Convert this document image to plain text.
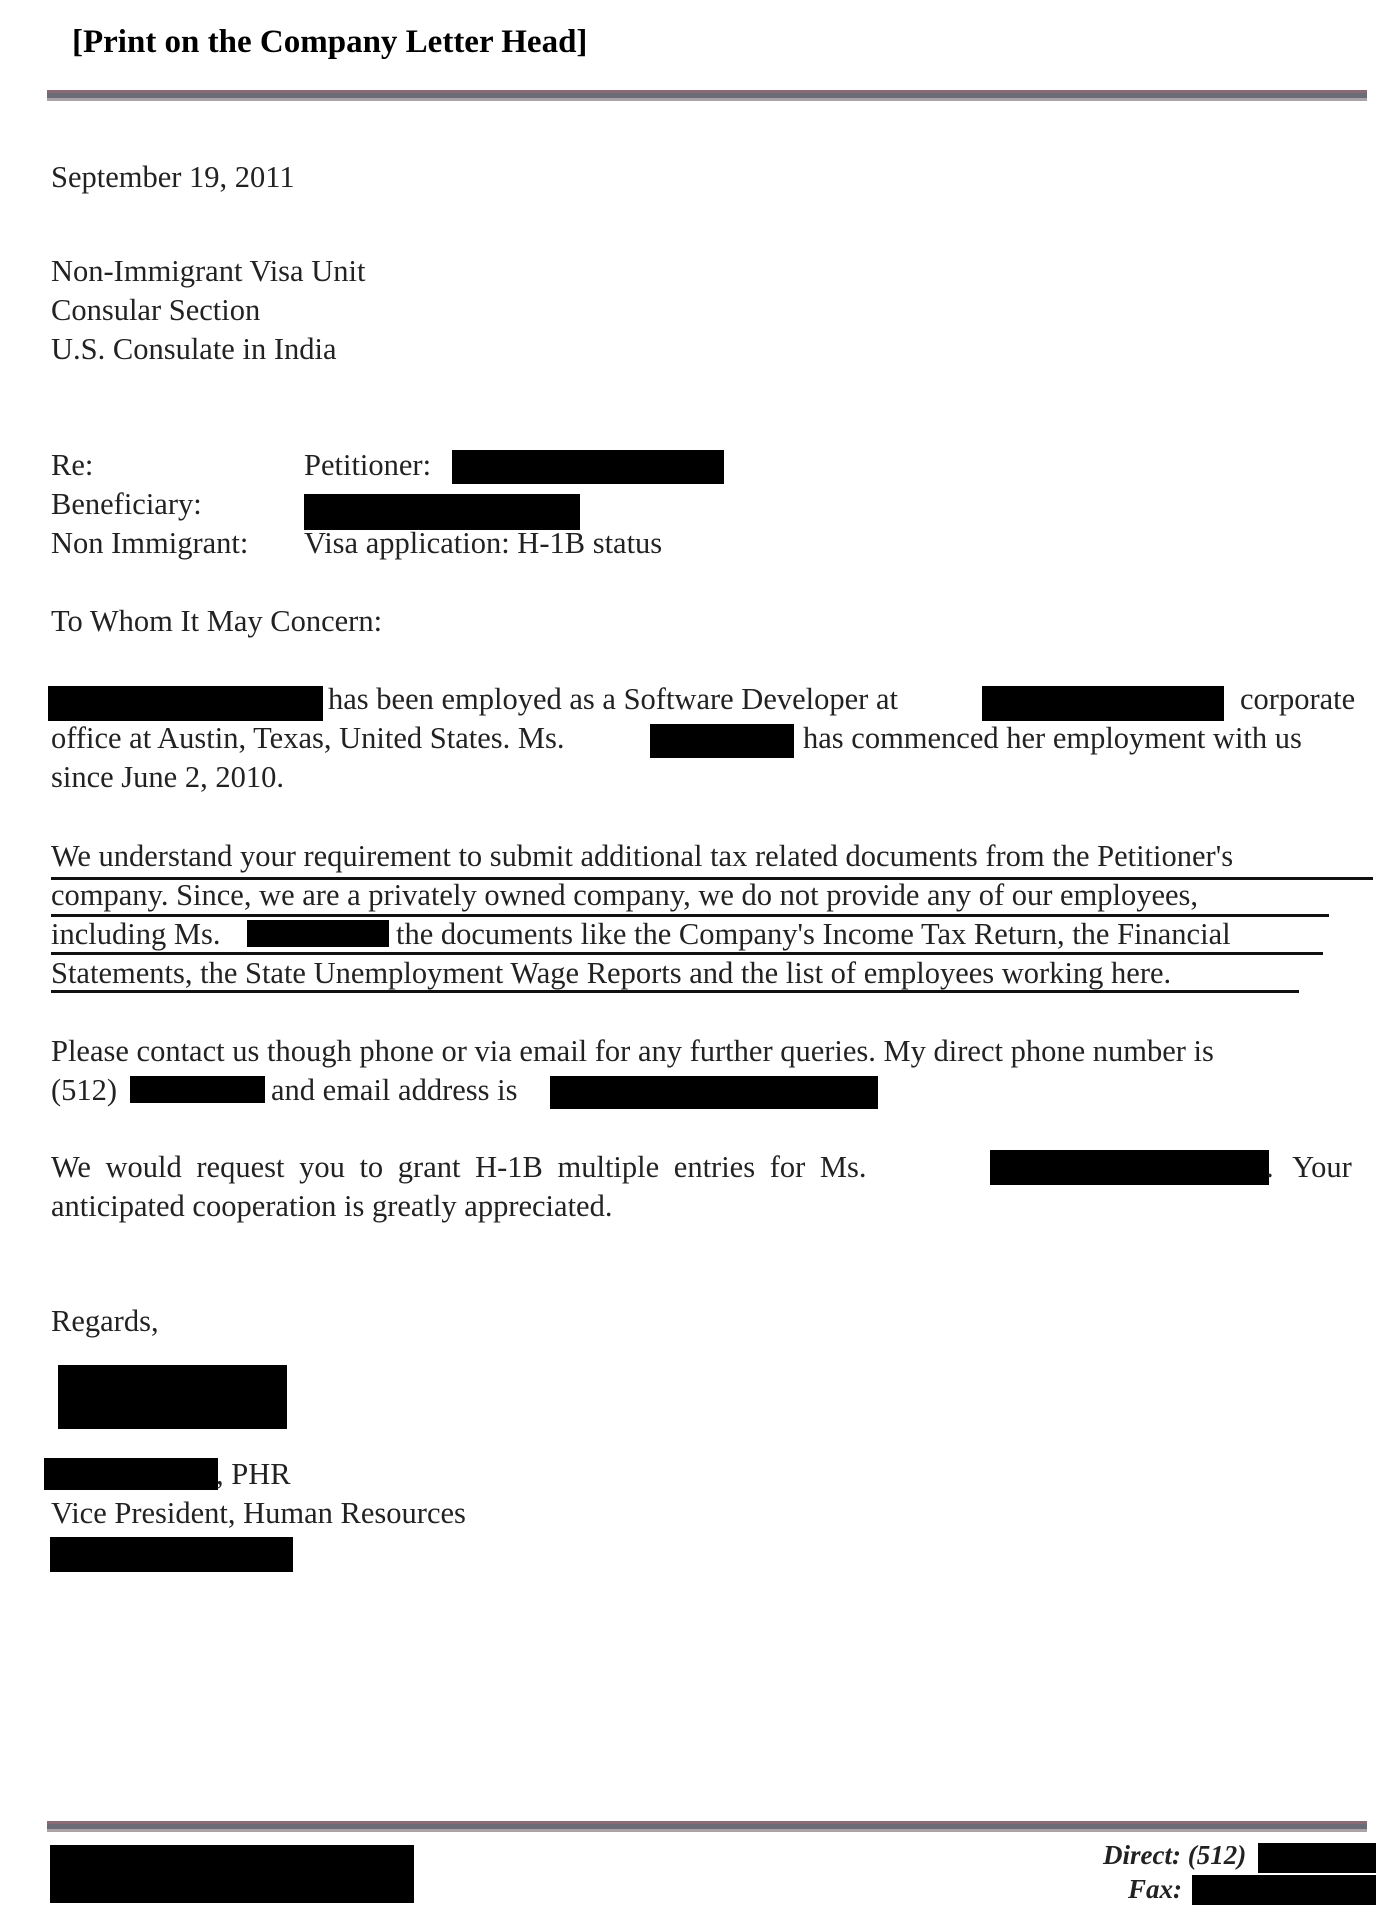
[Print on the Company Letter Head]
September 19, 2011
Non-Immigrant Visa Unit
Consular Section
U.S. Consulate in India
Re:	Petitioner:
Beneficiary:
Non Immigrant: Visa application: H-1B status
To Whom It May Concern:
has been employed as a Software Developer at	corporate
office at Austin, Texas, United States. Ms.	has commenced her employment with us
since June 2, 2010.
We understand your requirement to submit additional tax related documents from the Petitioner's
company. Since, we are a privately owned company, we do not provide any of our employees,
including Ms.	the documents like the Company's Income Tax Return, the Financial
Statements, the State Unemployment Wage Reports and the list of employees working here.
Please contact us though phone or via email for any further queries. My direct phone number is
(512)	and email address is
We would request you to grant H-1B multiple entries for Ms.	. Your
anticipated cooperation is greatly appreciated.
Regards,
, PHR
Vice President, Human Resources
Direct: (512)
Fax:
